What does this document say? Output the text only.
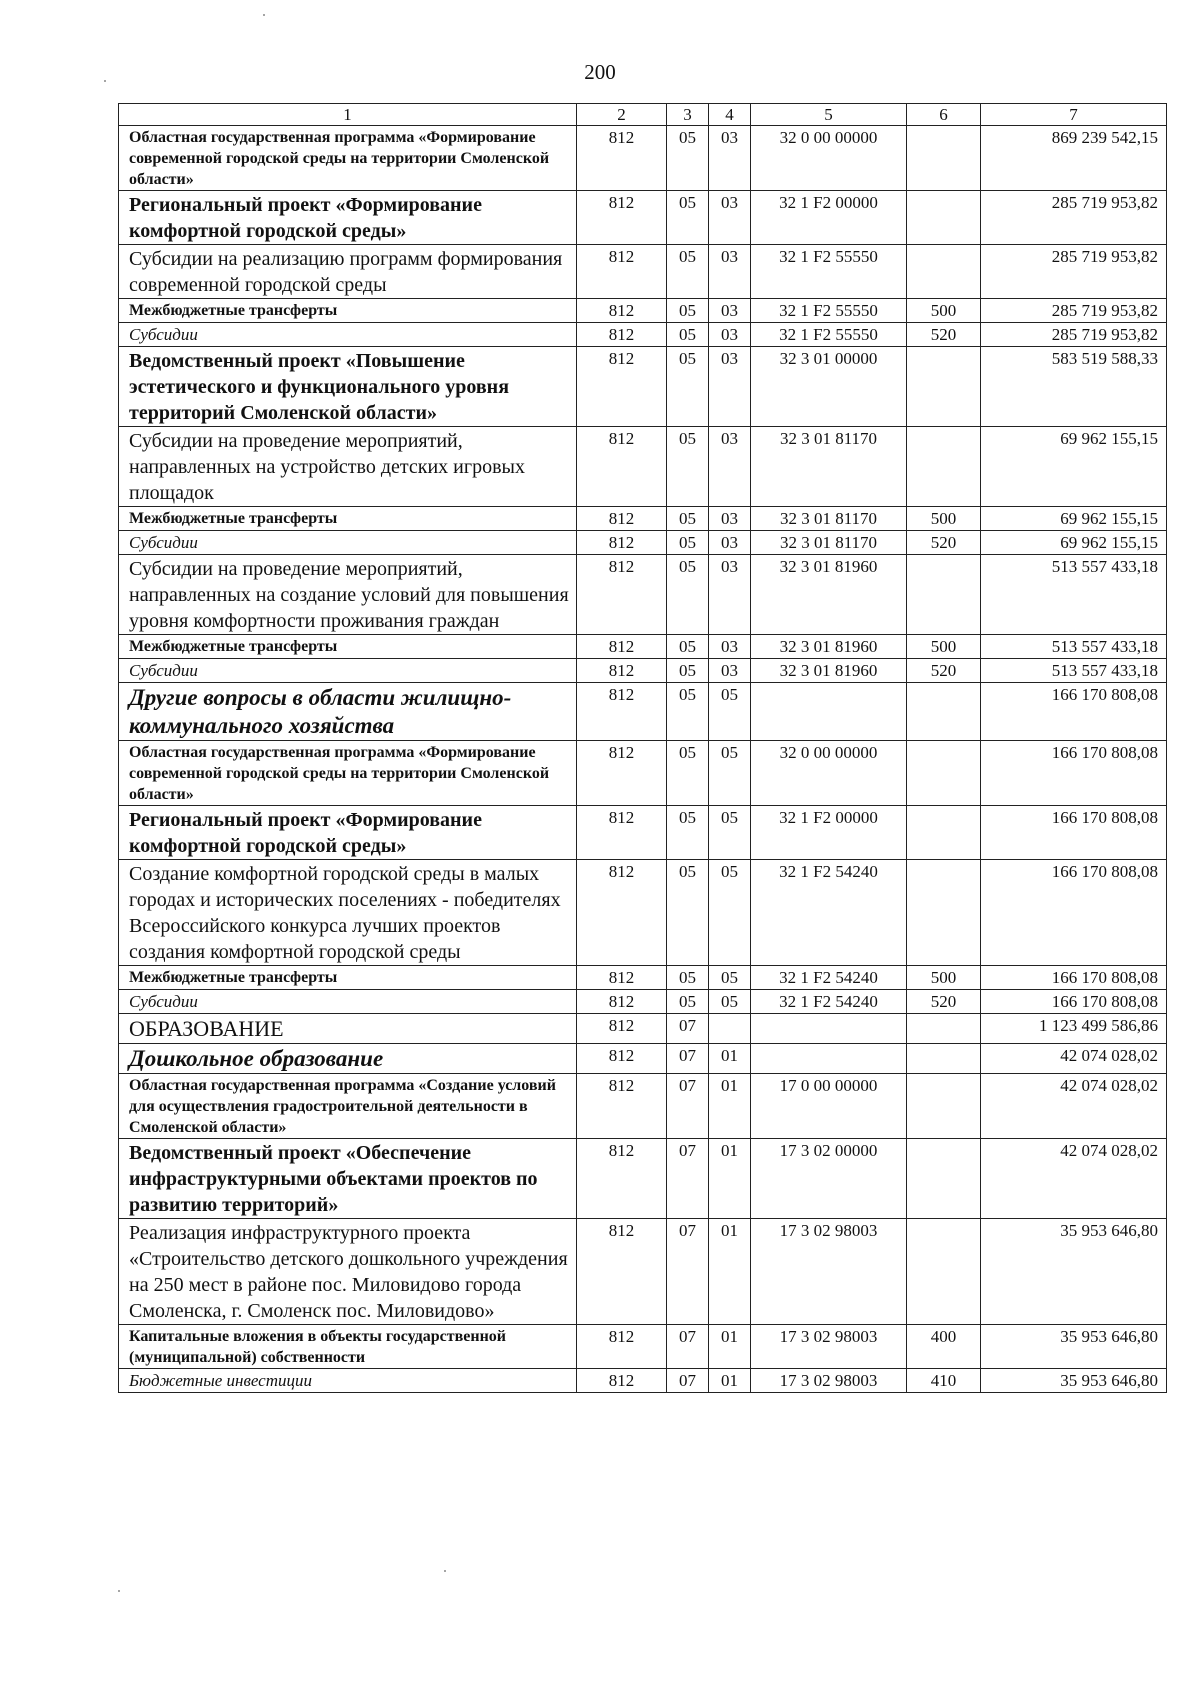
200
1	2	3	4	5	6	7
Областная государственная программа «Формирование современной городской среды на территории Смоленской области»	812	05	03	32 0 00 00000		869 239 542,15
Региональный проект «Формирование комфортной городской среды»	812	05	03	32 1 F2 00000		285 719 953,82
Субсидии на реализацию программ формирования современной городской среды	812	05	03	32 1 F2 55550		285 719 953,82
Межбюджетные трансферты	812	05	03	32 1 F2 55550	500	285 719 953,82
Субсидии	812	05	03	32 1 F2 55550	520	285 719 953,82
Ведомственный проект «Повышение эстетического и функционального уровня территорий Смоленской области»	812	05	03	32 3 01 00000		583 519 588,33
Субсидии на проведение мероприятий, направленных на устройство детских игровых площадок	812	05	03	32 3 01 81170		69 962 155,15
Межбюджетные трансферты	812	05	03	32 3 01 81170	500	69 962 155,15
Субсидии	812	05	03	32 3 01 81170	520	69 962 155,15
Субсидии на проведение мероприятий, направленных на создание условий для повышения уровня комфортности проживания граждан	812	05	03	32 3 01 81960		513 557 433,18
Межбюджетные трансферты	812	05	03	32 3 01 81960	500	513 557 433,18
Субсидии	812	05	03	32 3 01 81960	520	513 557 433,18
Другие вопросы в области жилищно-коммунального хозяйства	812	05	05			166 170 808,08
Областная государственная программа «Формирование современной городской среды на территории Смоленской области»	812	05	05	32 0 00 00000		166 170 808,08
Региональный проект «Формирование комфортной городской среды»	812	05	05	32 1 F2 00000		166 170 808,08
Создание комфортной городской среды в малых городах и исторических поселениях - победителях Всероссийского конкурса лучших проектов создания комфортной городской среды	812	05	05	32 1 F2 54240		166 170 808,08
Межбюджетные трансферты	812	05	05	32 1 F2 54240	500	166 170 808,08
Субсидии	812	05	05	32 1 F2 54240	520	166 170 808,08
ОБРАЗОВАНИЕ	812	07				1 123 499 586,86
Дошкольное образование	812	07	01			42 074 028,02
Областная государственная программа «Создание условий для осуществления градостроительной деятельности в Смоленской области»	812	07	01	17 0 00 00000		42 074 028,02
Ведомственный проект «Обеспечение инфраструктурными объектами проектов по развитию территорий»	812	07	01	17 3 02 00000		42 074 028,02
Реализация инфраструктурного проекта «Строительство детского дошкольного учреждения на 250 мест в районе пос. Миловидово города Смоленска, г. Смоленск пос. Миловидово»	812	07	01	17 3 02 98003		35 953 646,80
Капитальные вложения в объекты государственной (муниципальной) собственности	812	07	01	17 3 02 98003	400	35 953 646,80
Бюджетные инвестиции	812	07	01	17 3 02 98003	410	35 953 646,80
